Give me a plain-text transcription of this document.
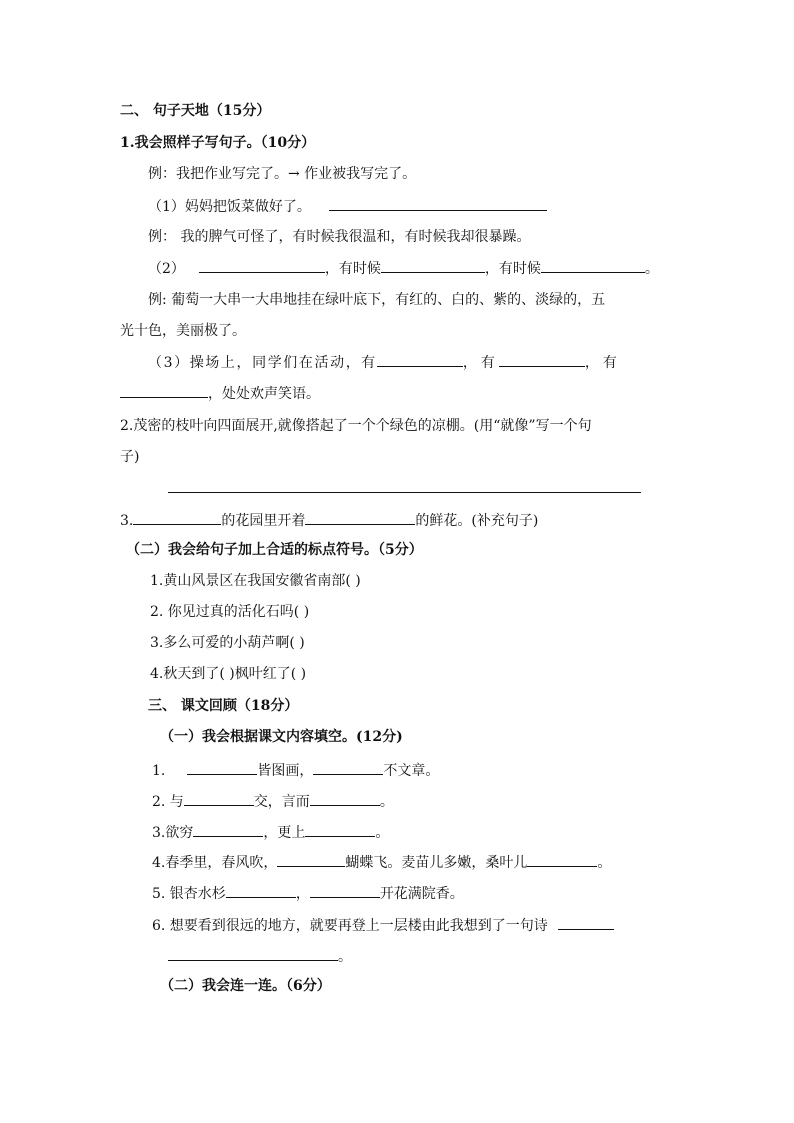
二、 句子天地（15分）
1.我会照样子写句子。（10分）
例：我把作业写完了。→ 作业被我写完了。
（1）妈妈把饭菜做好了。
例： 我的脾气可怪了，有时候我很温和，有时候我却很暴躁。
（2）	，有时候	，有时候	。
例: 葡萄一大串一大串地挂在绿叶底下，有红的、白的、紫的、淡绿的，五
光十色，美丽极了。
（3）操场上，同学们在活动，有	，有	，有
，处处欢声笑语。
2.茂密的枝叶向四面展开,就像搭起了一个个绿色的凉棚。(用“就像”写一个句
子)
3.	的花园里开着	的鲜花。(补充句子)
（二）我会给句子加上合适的标点符号。（5分）
1.黄山风景区在我国安徽省南部( )
2. 你见过真的活化石吗( )
3.多么可爱的小葫芦啊( )
4.秋天到了( )枫叶红了( )
三、 课文回顾（18分）
（一）我会根据课文内容填空。(12分)
1.	皆图画，	不文章。
2. 与	交，言而	。
3.欲穷	，更上	。
4.春季里，春风吹，	蝴蝶飞。麦苗儿多嫩，桑叶儿	。
5. 银杏水杉	，	开花满院香。
6. 想要看到很远的地方，就要再登上一层楼由此我想到了一句诗
。
（二）我会连一连。（6分）
